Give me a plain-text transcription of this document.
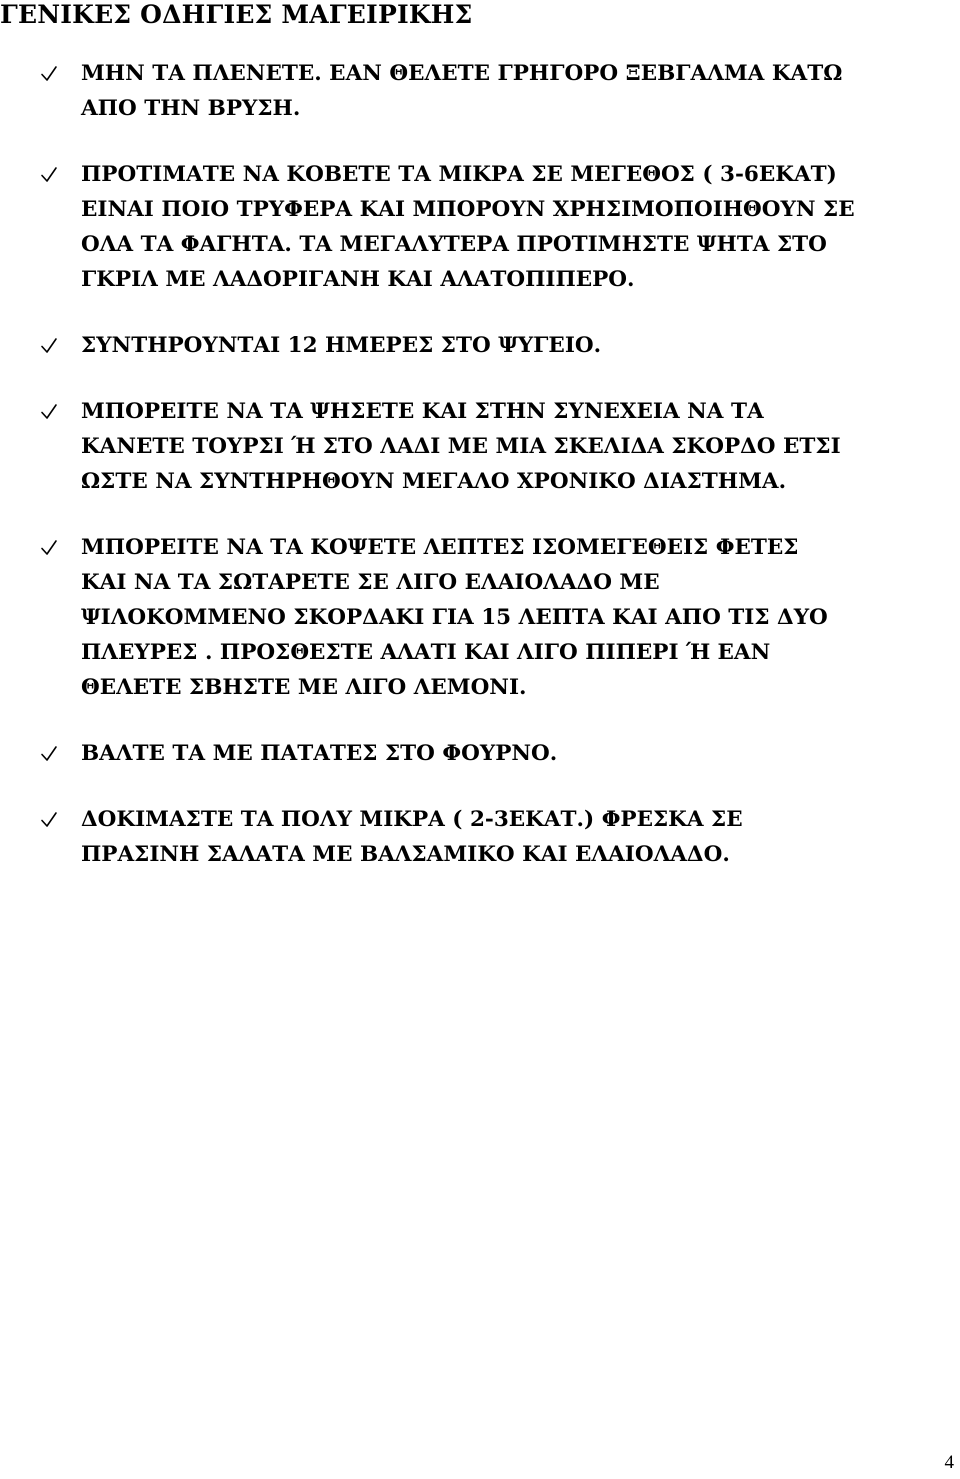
ΓΕΝΙΚΕΣ ΟΔΗΓΙΕΣ ΜΑΓΕΙΡΙΚΗΣ
ΜΗΝ ΤΑ ΠΛΕΝΕΤΕ. ΕΑΝ ΘΕΛΕΤΕ ΓΡΗΓΟΡΟ ΞΕΒΓΑΛΜΑ ΚΑΤΩ
ΑΠΟ ΤΗΝ ΒΡΥΣΗ.
ΠΡΟΤΙΜΑΤΕ ΝΑ ΚΟΒΕΤΕ ΤΑ ΜΙΚΡΑ ΣΕ ΜΕΓΕΘΟΣ ( 3-6ΕΚΑΤ)
ΕΙΝΑΙ ΠΟΙΟ ΤΡΥΦΕΡΑ ΚΑΙ ΜΠΟΡΟΥΝ ΧΡΗΣΙΜΟΠΟΙΗΘΟΥΝ ΣΕ
ΟΛΑ ΤΑ ΦΑΓΗΤΑ. ΤΑ ΜΕΓΑΛΥΤΕΡΑ ΠΡΟΤΙΜΗΣΤΕ ΨΗΤΑ ΣΤΟ
ΓΚΡΙΛ ΜΕ ΛΑΔΟΡΙΓΑΝΗ ΚΑΙ ΑΛΑΤΟΠΙΠΕΡΟ.
ΣΥΝΤΗΡΟΥΝΤΑΙ 12 ΗΜΕΡΕΣ ΣΤΟ ΨΥΓΕΙΟ.
ΜΠΟΡΕΙΤΕ ΝΑ ΤΑ ΨΗΣΕΤΕ ΚΑΙ ΣΤΗΝ ΣΥΝΕΧΕΙΑ ΝΑ ΤΑ
ΚΑΝΕΤΕ ΤΟΥΡΣΙ Ή ΣΤΟ ΛΑΔΙ ΜΕ ΜΙΑ ΣΚΕΛΙΔΑ ΣΚΟΡΔΟ ΕΤΣΙ
ΩΣΤΕ ΝΑ ΣΥΝΤΗΡΗΘΟΥΝ ΜΕΓΑΛΟ ΧΡΟΝΙΚΟ ΔΙΑΣΤΗΜΑ.
ΜΠΟΡΕΙΤΕ ΝΑ ΤΑ ΚΟΨΕΤΕ ΛΕΠΤΕΣ ΙΣΟΜΕΓΕΘΕΙΣ ΦΕΤΕΣ
ΚΑΙ ΝΑ ΤΑ ΣΩΤΑΡΕΤΕ ΣΕ ΛΙΓΟ ΕΛΑΙΟΛΑΔΟ ΜΕ
ΨΙΛΟΚΟΜΜΕΝΟ ΣΚΟΡΔΑΚΙ ΓΙΑ 15 ΛΕΠΤΑ ΚΑΙ ΑΠΟ ΤΙΣ ΔΥΟ
ΠΛΕΥΡΕΣ . ΠΡΟΣΘΕΣΤΕ ΑΛΑΤΙ ΚΑΙ ΛΙΓΟ ΠΙΠΕΡΙ Ή ΕΑΝ
ΘΕΛΕΤΕ ΣΒΗΣΤΕ ΜΕ ΛΙΓΟ ΛΕΜΟΝΙ.
ΒΑΛΤΕ ΤΑ ΜΕ ΠΑΤΑΤΕΣ ΣΤΟ ΦΟΥΡΝΟ.
ΔΟΚΙΜΑΣΤΕ ΤΑ ΠΟΛΥ ΜΙΚΡΑ ( 2-3ΕΚΑΤ.) ΦΡΕΣΚΑ ΣΕ
ΠΡΑΣΙΝΗ ΣΑΛΑΤΑ ΜΕ ΒΑΛΣΑΜΙΚΟ ΚΑΙ ΕΛΑΙΟΛΑΔΟ.
4
